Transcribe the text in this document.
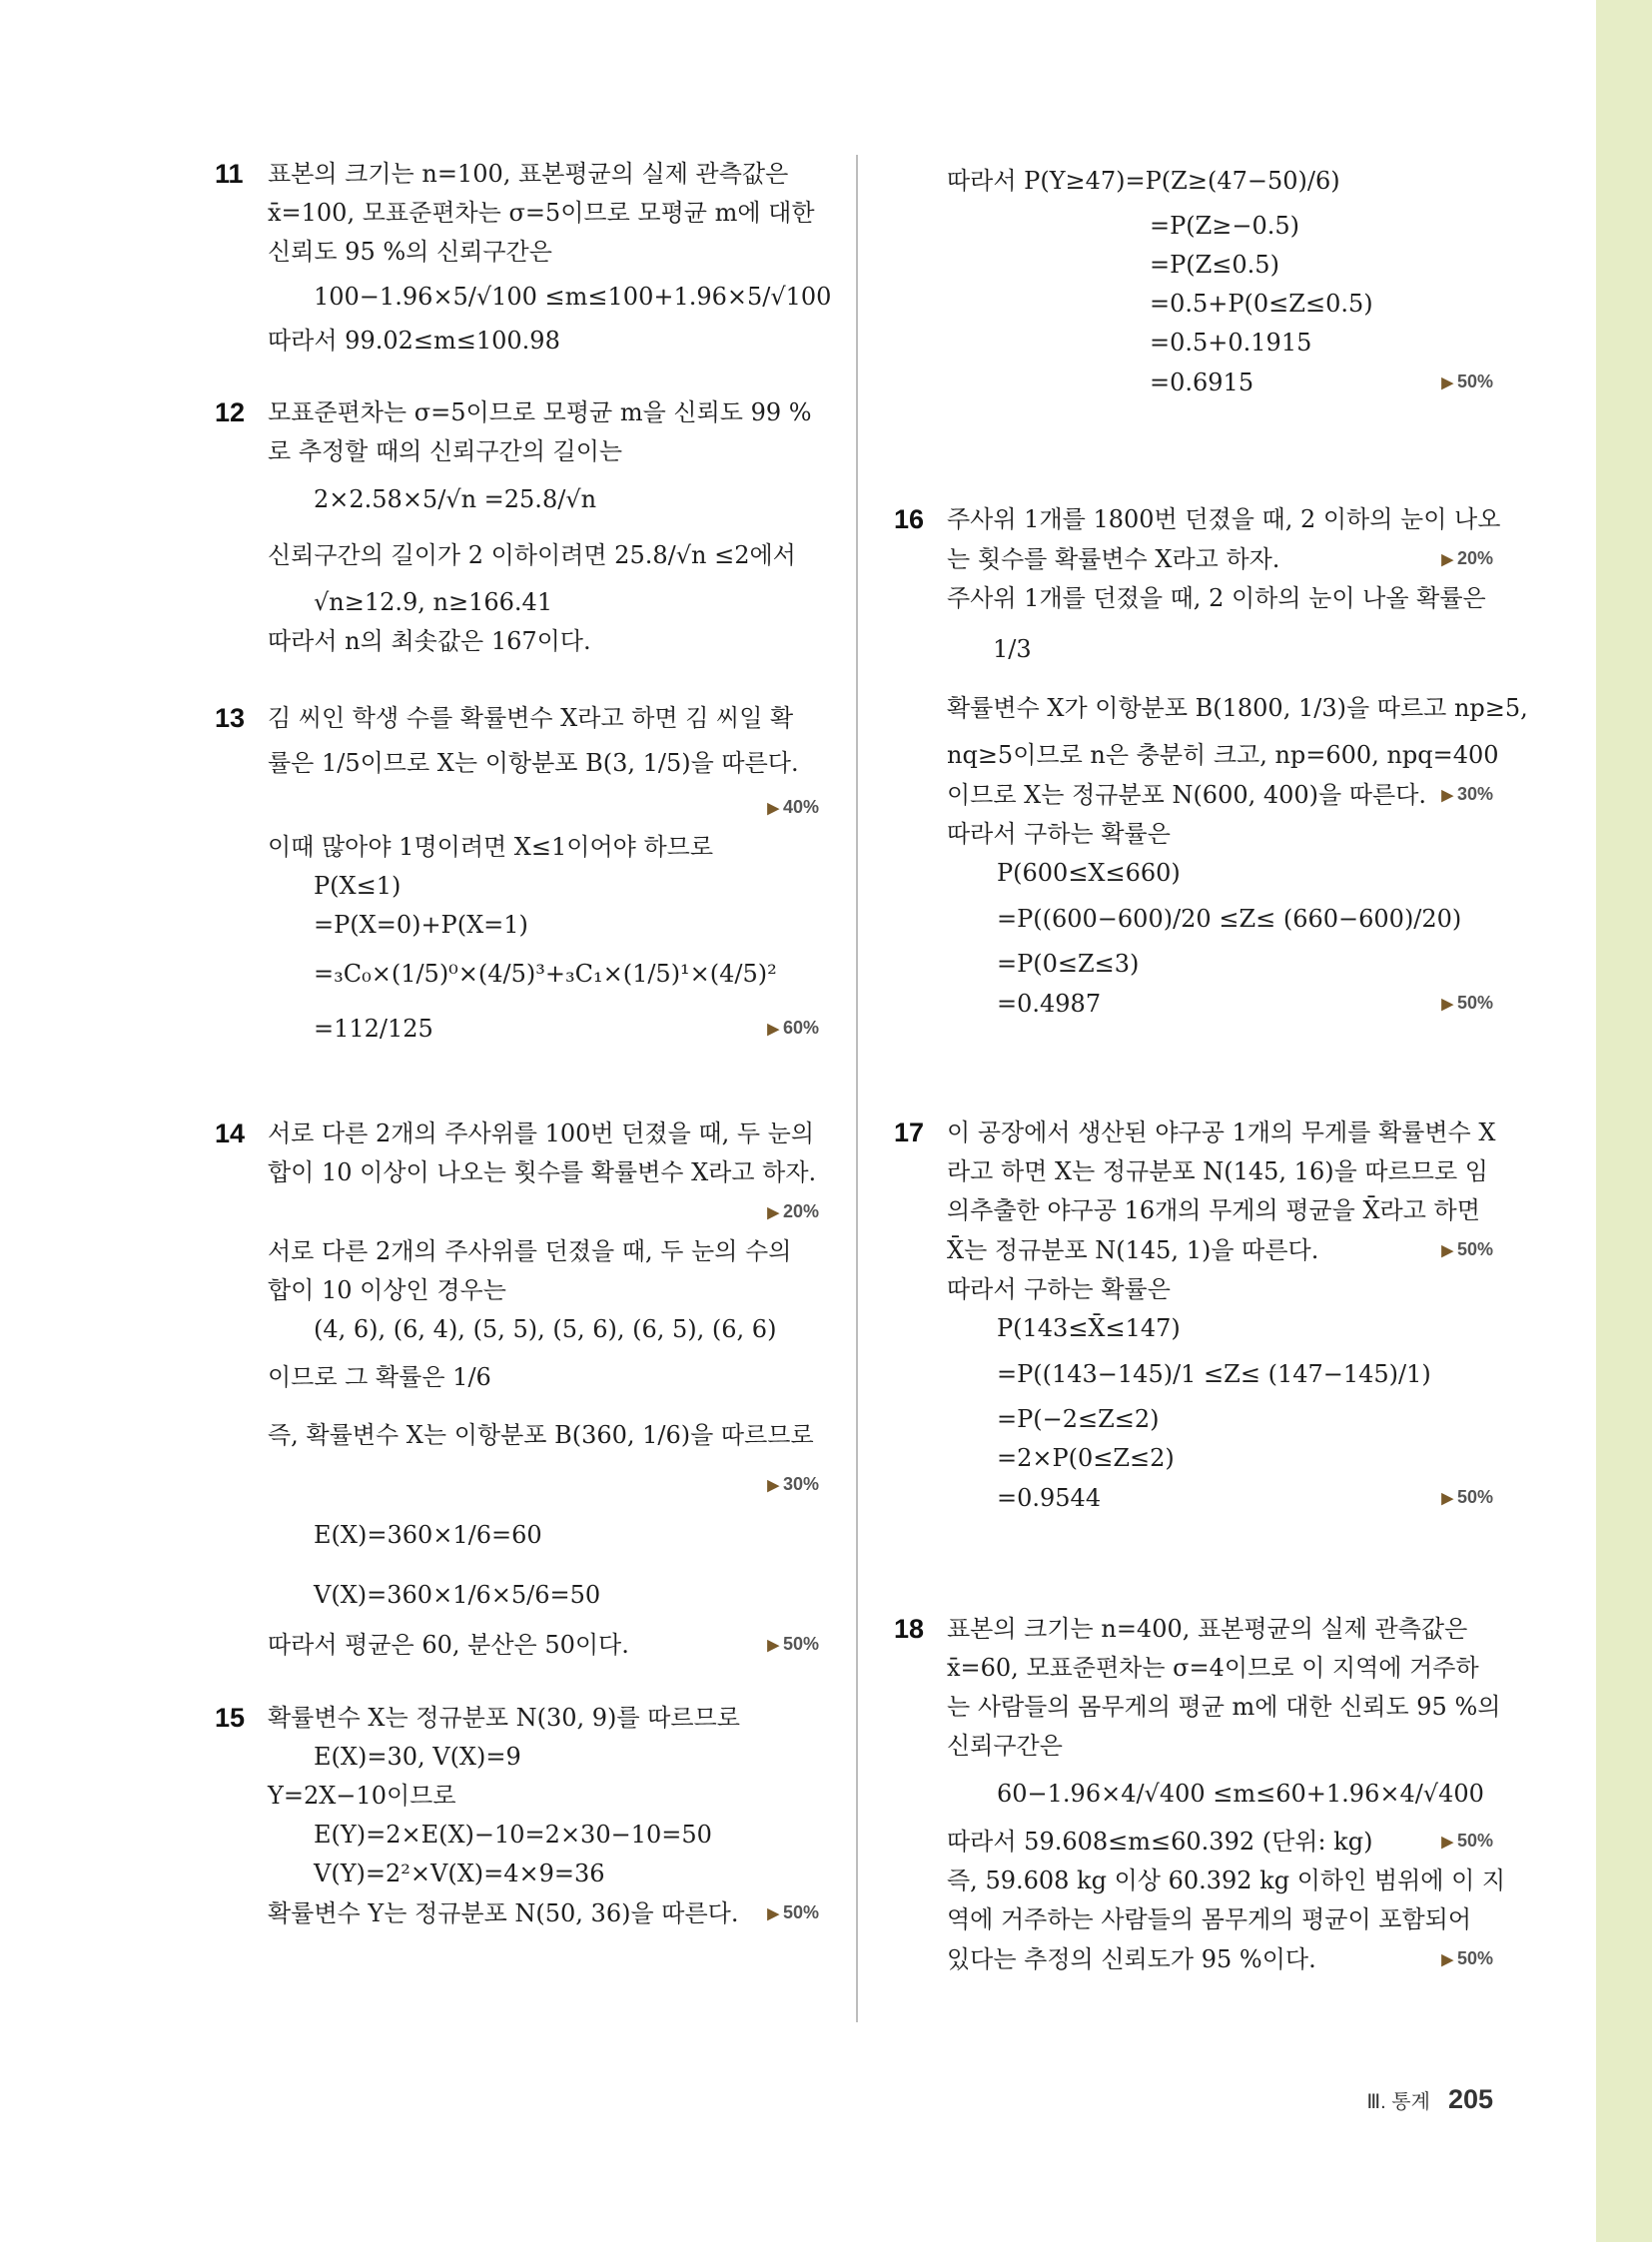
11 표본의 크기는 n=100, 표본평균의 실제 관측값은
x̄=100, 모표준편차는 σ=5이므로 모평균 m에 대한
신뢰도 95 %의 신뢰구간은
100−1.96×5/√100 ≤m≤100+1.96×5/√100
따라서 99.02≤m≤100.98
12 모표준편차는 σ=5이므로 모평균 m을 신뢰도 99 %
로 추정할 때의 신뢰구간의 길이는
2×2.58×5/√n =25.8/√n
신뢰구간의 길이가 2 이하이려면 25.8/√n ≤2에서
√n≥12.9, n≥166.41
따라서 n의 최솟값은 167이다.
13 김 씨인 학생 수를 확률변수 X라고 하면 김 씨일 확
률은 1/5이므로 X는 이항분포 B(3, 1/5)을 따른다.
▶ 40%
이때 많아야 1명이려면 X≤1이어야 하므로
P(X≤1)
=P(X=0)+P(X=1)
=₃C₀×(1/5)⁰×(4/5)³+₃C₁×(1/5)¹×(4/5)²
=112/125	▶ 60%
14 서로 다른 2개의 주사위를 100번 던졌을 때, 두 눈의
합이 10 이상이 나오는 횟수를 확률변수 X라고 하자.
▶ 20%
서로 다른 2개의 주사위를 던졌을 때, 두 눈의 수의
합이 10 이상인 경우는
(4, 6), (6, 4), (5, 5), (5, 6), (6, 5), (6, 6)
이므로 그 확률은 1/6
즉, 확률변수 X는 이항분포 B(360, 1/6)을 따르므로
▶ 30%
E(X)=360×1/6=60
V(X)=360×1/6×5/6=50
따라서 평균은 60, 분산은 50이다.	▶ 50%
15 확률변수 X는 정규분포 N(30, 9)를 따르므로
E(X)=30, V(X)=9
Y=2X−10이므로
E(Y)=2×E(X)−10=2×30−10=50
V(Y)=2²×V(X)=4×9=36
확률변수 Y는 정규분포 N(50, 36)을 따른다.	▶ 50%
따라서 P(Y≥47)=P(Z≥(47−50)/6)
=P(Z≥−0.5)
=P(Z≤0.5)
=0.5+P(0≤Z≤0.5)
=0.5+0.1915
=0.6915	▶ 50%
16 주사위 1개를 1800번 던졌을 때, 2 이하의 눈이 나오
는 횟수를 확률변수 X라고 하자.	▶ 20%
주사위 1개를 던졌을 때, 2 이하의 눈이 나올 확률은
1/3
확률변수 X가 이항분포 B(1800, 1/3)을 따르고 np≥5,
nq≥5이므로 n은 충분히 크고, np=600, npq=400
이므로 X는 정규분포 N(600, 400)을 따른다.	▶ 30%
따라서 구하는 확률은
P(600≤X≤660)
=P((600−600)/20 ≤Z≤ (660−600)/20)
=P(0≤Z≤3)
=0.4987	▶ 50%
17 이 공장에서 생산된 야구공 1개의 무게를 확률변수 X
라고 하면 X는 정규분포 N(145, 16)을 따르므로 임
의추출한 야구공 16개의 무게의 평균을 X̄라고 하면
X̄는 정규분포 N(145, 1)을 따른다.	▶ 50%
따라서 구하는 확률은
P(143≤X̄≤147)
=P((143−145)/1 ≤Z≤ (147−145)/1)
=P(−2≤Z≤2)
=2×P(0≤Z≤2)
=0.9544	▶ 50%
18 표본의 크기는 n=400, 표본평균의 실제 관측값은
x̄=60, 모표준편차는 σ=4이므로 이 지역에 거주하
는 사람들의 몸무게의 평균 m에 대한 신뢰도 95 %의
신뢰구간은
60−1.96×4/√400 ≤m≤60+1.96×4/√400
따라서 59.608≤m≤60.392 (단위: kg)	▶ 50%
즉, 59.608 kg 이상 60.392 kg 이하인 범위에 이 지
역에 거주하는 사람들의 몸무게의 평균이 포함되어
있다는 추정의 신뢰도가 95 %이다.	▶ 50%
Ⅲ. 통계 205
